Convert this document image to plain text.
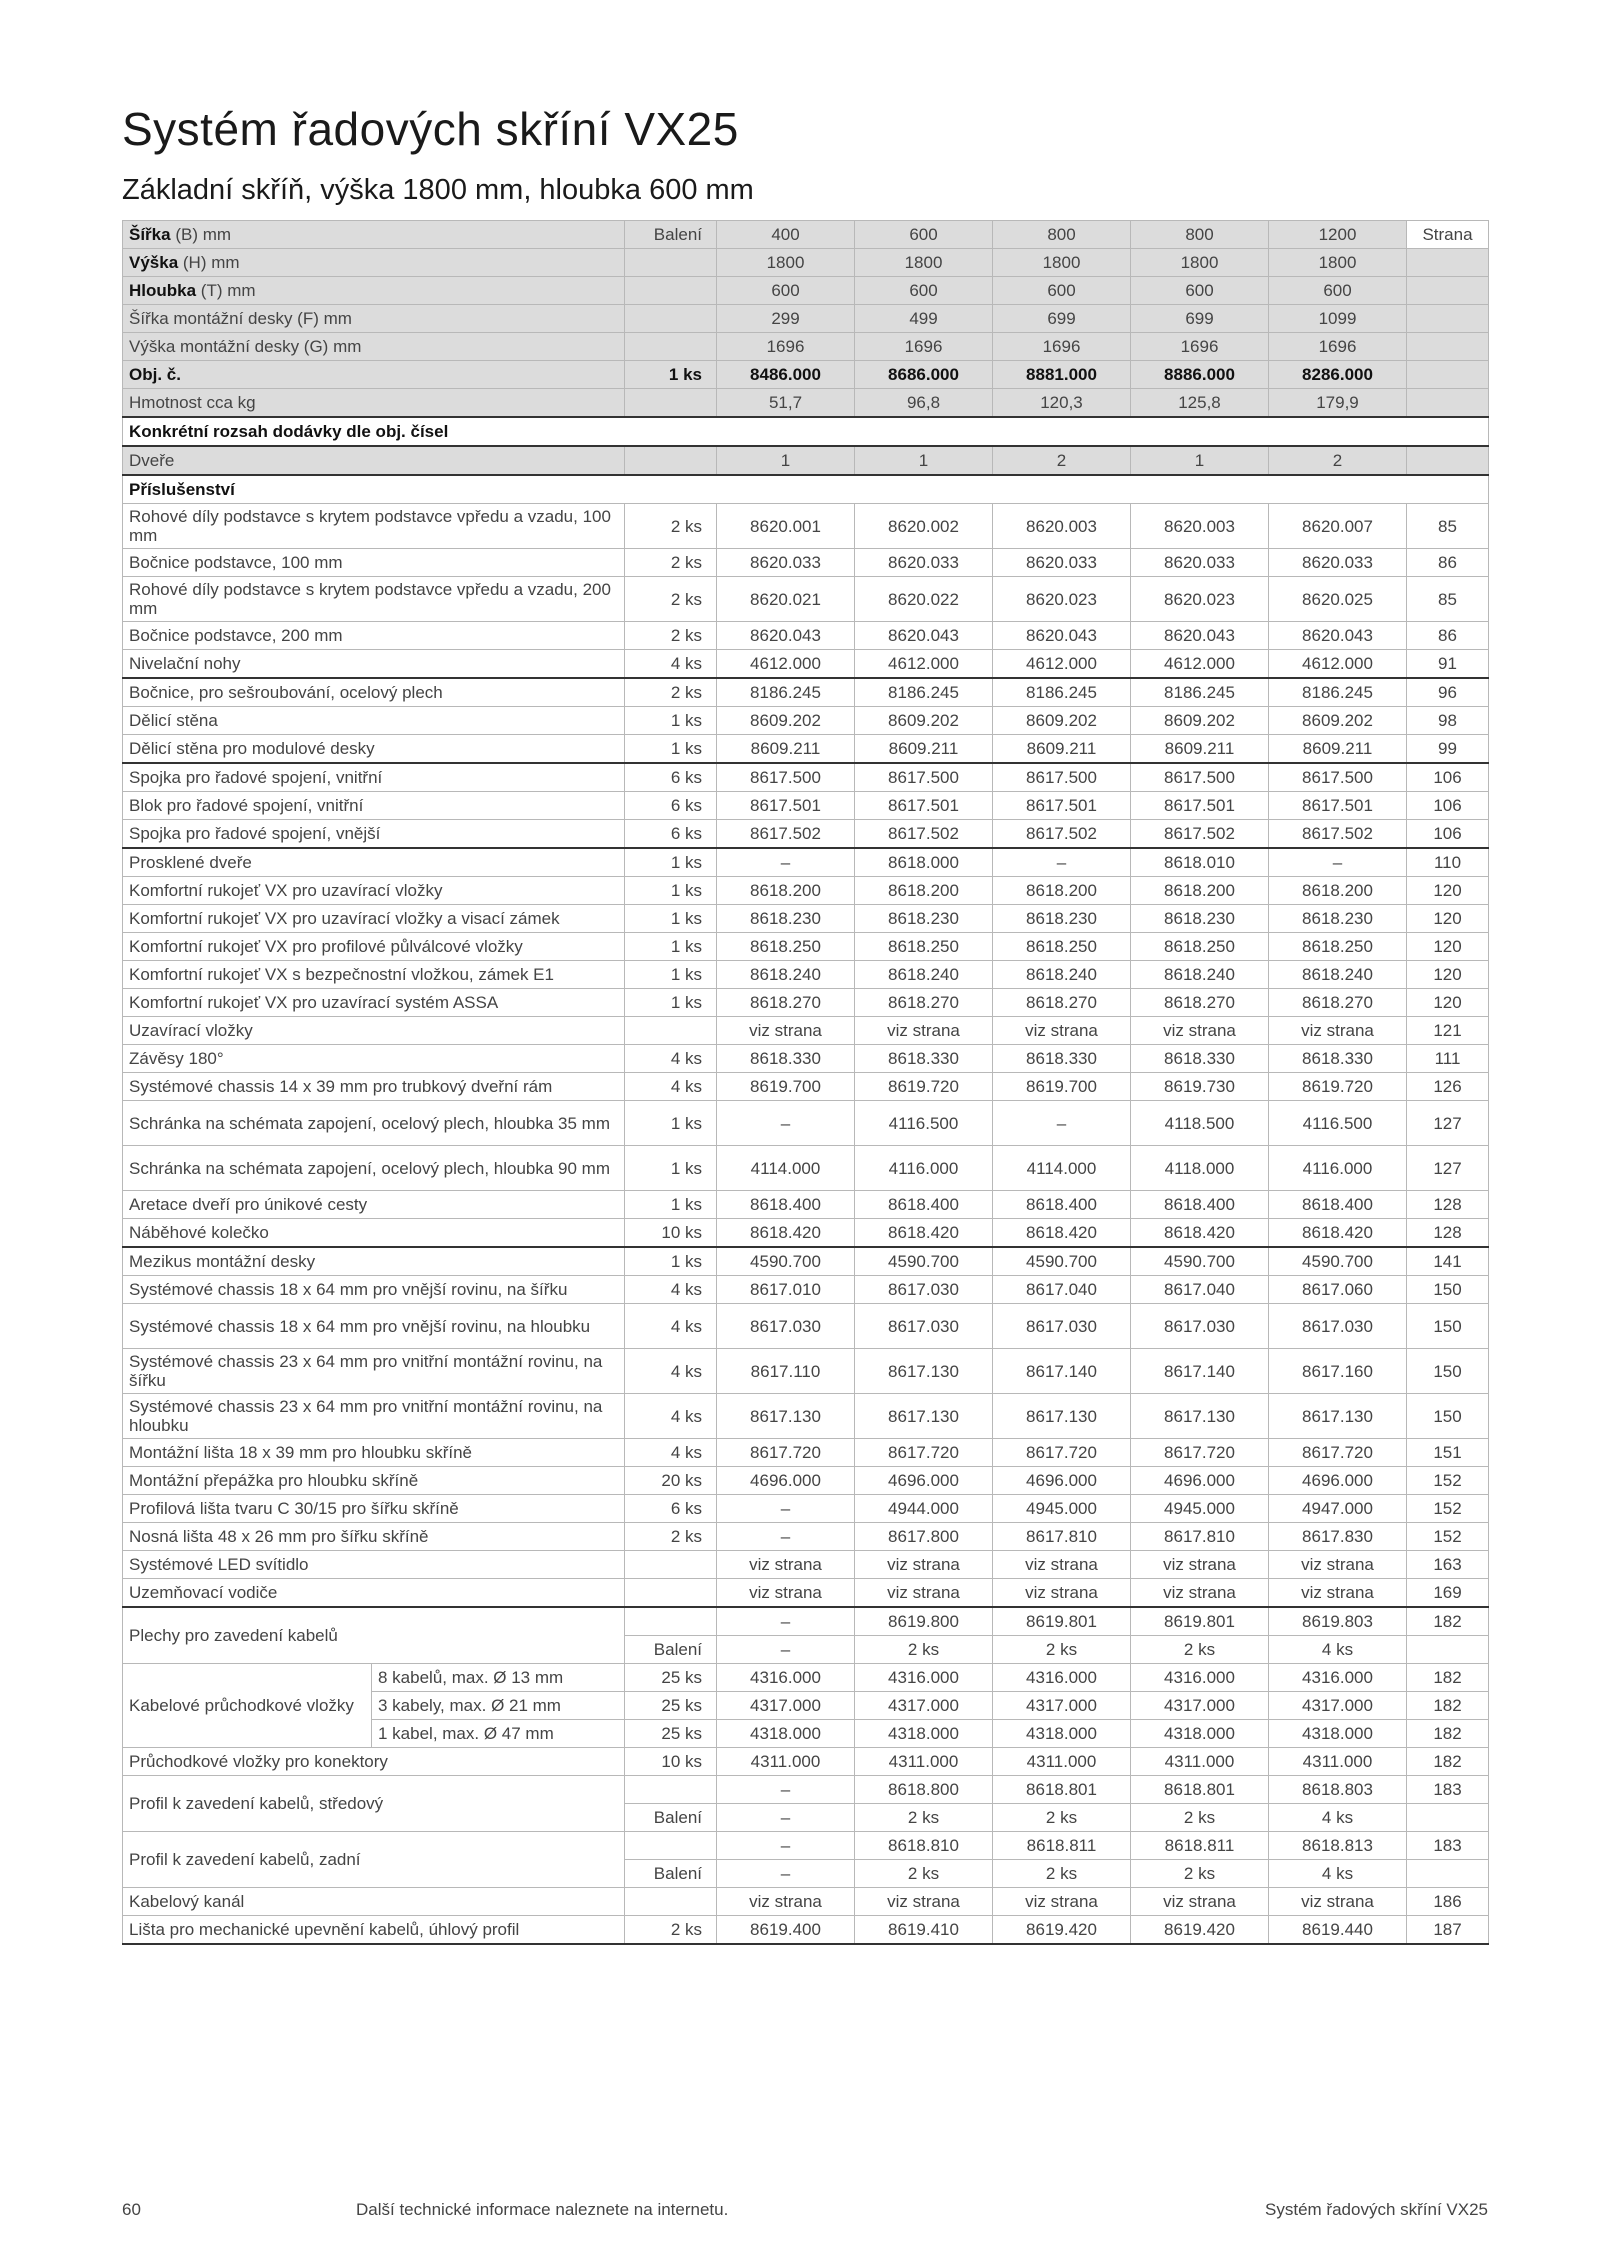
Systém řadových skříní VX25
Základní skříň, výška 1800 mm, hloubka 600 mm
Šířka (B) mm		Balení	400	600	800	800	1200	Strana
Výška (H) mm			1800	1800	1800	1800	1800	
Hloubka (T) mm			600	600	600	600	600	
Šířka montážní desky (F) mm			299	499	699	699	1099	
Výška montážní desky (G) mm			1696	1696	1696	1696	1696	
Obj. č.		1 ks	8486.000	8686.000	8881.000	8886.000	8286.000	
Hmotnost cca kg			51,7	96,8	120,3	125,8	179,9	
Konkrétní rozsah dodávky dle obj. čísel								
Dveře			1	1	2	1	2	
Příslušenství								
Rohové díly podstavce s krytem podstavce vpředu a vzadu, 100 mm		2 ks	8620.001	8620.002	8620.003	8620.003	8620.007	85
Bočnice podstavce, 100 mm		2 ks	8620.033	8620.033	8620.033	8620.033	8620.033	86
Rohové díly podstavce s krytem podstavce vpředu a vzadu, 200 mm		2 ks	8620.021	8620.022	8620.023	8620.023	8620.025	85
Bočnice podstavce, 200 mm		2 ks	8620.043	8620.043	8620.043	8620.043	8620.043	86
Nivelační nohy		4 ks	4612.000	4612.000	4612.000	4612.000	4612.000	91
Bočnice, pro sešroubování, ocelový plech		2 ks	8186.245	8186.245	8186.245	8186.245	8186.245	96
Dělicí stěna		1 ks	8609.202	8609.202	8609.202	8609.202	8609.202	98
Dělicí stěna pro modulové desky		1 ks	8609.211	8609.211	8609.211	8609.211	8609.211	99
Spojka pro řadové spojení, vnitřní		6 ks	8617.500	8617.500	8617.500	8617.500	8617.500	106
Blok pro řadové spojení, vnitřní		6 ks	8617.501	8617.501	8617.501	8617.501	8617.501	106
Spojka pro řadové spojení, vnější		6 ks	8617.502	8617.502	8617.502	8617.502	8617.502	106
Prosklené dveře		1 ks	–	8618.000	–	8618.010	–	110
Komfortní rukojeť VX pro uzavírací vložky		1 ks	8618.200	8618.200	8618.200	8618.200	8618.200	120
Komfortní rukojeť VX pro uzavírací vložky a visací zámek		1 ks	8618.230	8618.230	8618.230	8618.230	8618.230	120
Komfortní rukojeť VX pro profilové půlválcové vložky		1 ks	8618.250	8618.250	8618.250	8618.250	8618.250	120
Komfortní rukojeť VX s bezpečnostní vložkou, zámek E1		1 ks	8618.240	8618.240	8618.240	8618.240	8618.240	120
Komfortní rukojeť VX pro uzavírací systém ASSA		1 ks	8618.270	8618.270	8618.270	8618.270	8618.270	120
Uzavírací vložky			viz strana	viz strana	viz strana	viz strana	viz strana	121
Závěsy 180°		4 ks	8618.330	8618.330	8618.330	8618.330	8618.330	111
Systémové chassis 14 x 39 mm pro trubkový dveřní rám		4 ks	8619.700	8619.720	8619.700	8619.730	8619.720	126
Schránka na schémata zapojení, ocelový plech, hloubka 35 mm		1 ks	–	4116.500	–	4118.500	4116.500	127
Schránka na schémata zapojení, ocelový plech, hloubka 90 mm		1 ks	4114.000	4116.000	4114.000	4118.000	4116.000	127
Aretace dveří pro únikové cesty		1 ks	8618.400	8618.400	8618.400	8618.400	8618.400	128
Náběhové kolečko		10 ks	8618.420	8618.420	8618.420	8618.420	8618.420	128
Mezikus montážní desky		1 ks	4590.700	4590.700	4590.700	4590.700	4590.700	141
Systémové chassis 18 x 64 mm pro vnější rovinu, na šířku		4 ks	8617.010	8617.030	8617.040	8617.040	8617.060	150
Systémové chassis 18 x 64 mm pro vnější rovinu, na hloubku		4 ks	8617.030	8617.030	8617.030	8617.030	8617.030	150
Systémové chassis 23 x 64 mm pro vnitřní montážní rovinu, na šířku		4 ks	8617.110	8617.130	8617.140	8617.140	8617.160	150
Systémové chassis 23 x 64 mm pro vnitřní montážní rovinu, na hloubku		4 ks	8617.130	8617.130	8617.130	8617.130	8617.130	150
Montážní lišta 18 x 39 mm pro hloubku skříně		4 ks	8617.720	8617.720	8617.720	8617.720	8617.720	151
Montážní přepážka pro hloubku skříně		20 ks	4696.000	4696.000	4696.000	4696.000	4696.000	152
Profilová lišta tvaru C 30/15 pro šířku skříně		6 ks	–	4944.000	4945.000	4945.000	4947.000	152
Nosná lišta 48 x 26 mm pro šířku skříně		2 ks	–	8617.800	8617.810	8617.810	8617.830	152
Systémové LED svítidlo			viz strana	viz strana	viz strana	viz strana	viz strana	163
Uzemňovací vodiče			viz strana	viz strana	viz strana	viz strana	viz strana	169
Plechy pro zavedení kabelů			–	8619.800	8619.801	8619.801	8619.803	182
		Balení	–	2 ks	2 ks	2 ks	4 ks	
Kabelové průchodkové vložky	8 kabelů, max. Ø 13 mm	25 ks	4316.000	4316.000	4316.000	4316.000	4316.000	182
	3 kabely, max. Ø 21 mm	25 ks	4317.000	4317.000	4317.000	4317.000	4317.000	182
	1 kabel, max. Ø 47 mm	25 ks	4318.000	4318.000	4318.000	4318.000	4318.000	182
Průchodkové vložky pro konektory		10 ks	4311.000	4311.000	4311.000	4311.000	4311.000	182
Profil k zavedení kabelů, středový			–	8618.800	8618.801	8618.801	8618.803	183
		Balení	–	2 ks	2 ks	2 ks	4 ks	
Profil k zavedení kabelů, zadní			–	8618.810	8618.811	8618.811	8618.813	183
		Balení	–	2 ks	2 ks	2 ks	4 ks	
Kabelový kanál			viz strana	viz strana	viz strana	viz strana	viz strana	186
Lišta pro mechanické upevnění kabelů, úhlový profil		2 ks	8619.400	8619.410	8619.420	8619.420	8619.440	187
60	Další technické informace naleznete na internetu.	Systém řadových skříní VX25
